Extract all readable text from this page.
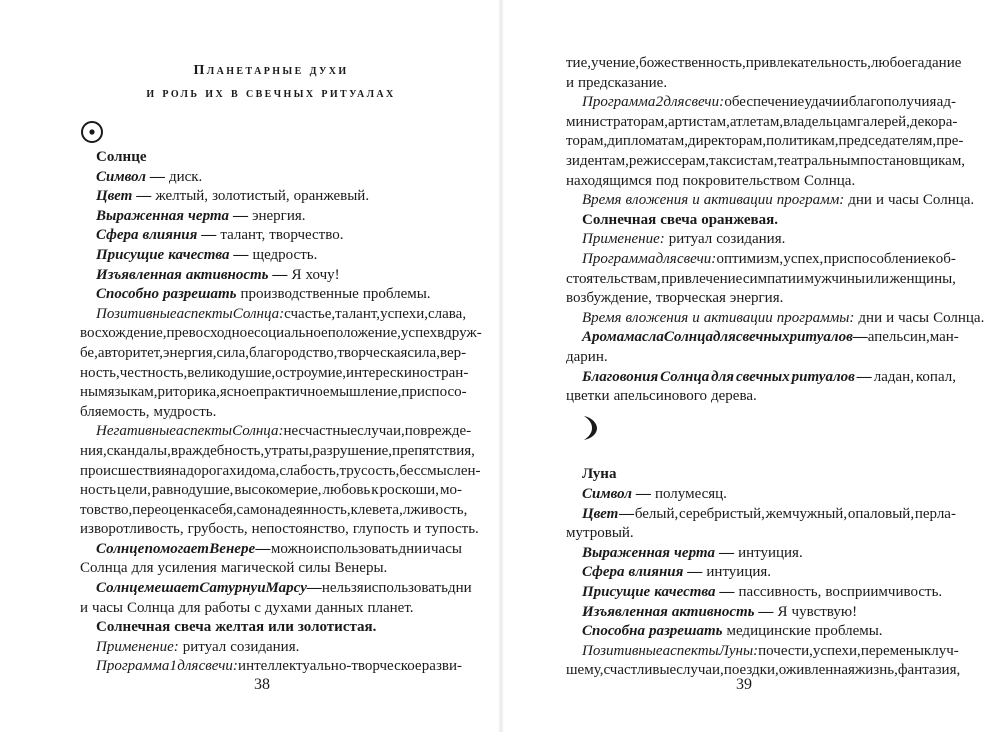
Планетарные духи
и роль их в свечных ритуалах
Солнце
Символ — диск.
Цвет — желтый, золотистый, оранжевый.
Выраженная черта — энергия.
Сфера влияния — талант, творчество.
Присущие качества — щедрость.
Изъявленная активность — Я хочу!
Способно разрешать производственные проблемы.
Позитивные аспекты Солнца: счастье, талант, успехи, слава,
восхождение, превосходное социальное положение, успех в друж-
бе, авторитет, энергия, сила, благородство, творческая сила, вер-
ность, честность, великодушие, остроумие, интерес к иностран-
ным языкам, риторика, ясное практичное мышление, приспосо-
бляемость, мудрость.
Негативные аспекты Солнца: несчастные случаи, поврежде-
ния, скандалы, враждебность, утраты, разрушение, препятствия,
происшествия на дорогах и дома, слабость, трусость, бессмыслен-
ность цели, равнодушие, высокомерие, любовь к роскоши, мо-
товство, переоценка себя, самонадеянность, клевета, лживость,
изворотливость, грубость, непостоянство, глупость и тупость.
Солнце помогает Венере — можно использовать дни и часы
Солнца для усиления магической силы Венеры.
Солнце мешает Сатурну и Марсу — нельзя использовать дни
и часы Солнца для работы с духами данных планет.
Солнечная свеча желтая или золотистая.
Применение: ритуал созидания.
Программа 1 для свечи: интеллектуально-творческое разви-
тие, учение, божественность, привлекательность, любое гадание
и предсказание.
Программа 2 для свечи: обеспечение удачи и благополучия ад-
министраторам, артистам, атлетам, владельцам галерей, декора-
торам, дипломатам, директорам, политикам, председателям, пре-
зидентам, режиссерам, таксистам, театральным постановщикам,
находящимся под покровительством Солнца.
Время вложения и активации программ: дни и часы Солнца.
Солнечная свеча оранжевая.
Применение: ритуал созидания.
Программа для свечи: оптимизм, успех, приспособление к об-
стоятельствам, привлечение симпатии мужчины или женщины,
возбуждение, творческая энергия.
Время вложения и активации программы: дни и часы Солнца.
Аромамасла Солнца для свечных ритуалов — апельсин, ман-
дарин.
Благовония Солнца для свечных ритуалов — ладан, копал,
цветки апельсинового дерева.
Луна
Символ — полумесяц.
Цвет — белый, серебристый, жемчужный, опаловый, перла-
мутровый.
Выраженная черта — интуиция.
Сфера влияния — интуиция.
Присущие качества — пассивность, восприимчивость.
Изъявленная активность — Я чувствую!
Способна разрешать медицинские проблемы.
Позитивные аспекты Луны: почести, успехи, перемены к луч-
шему, счастливые случаи, поездки, оживленная жизнь, фантазия,
38	39
